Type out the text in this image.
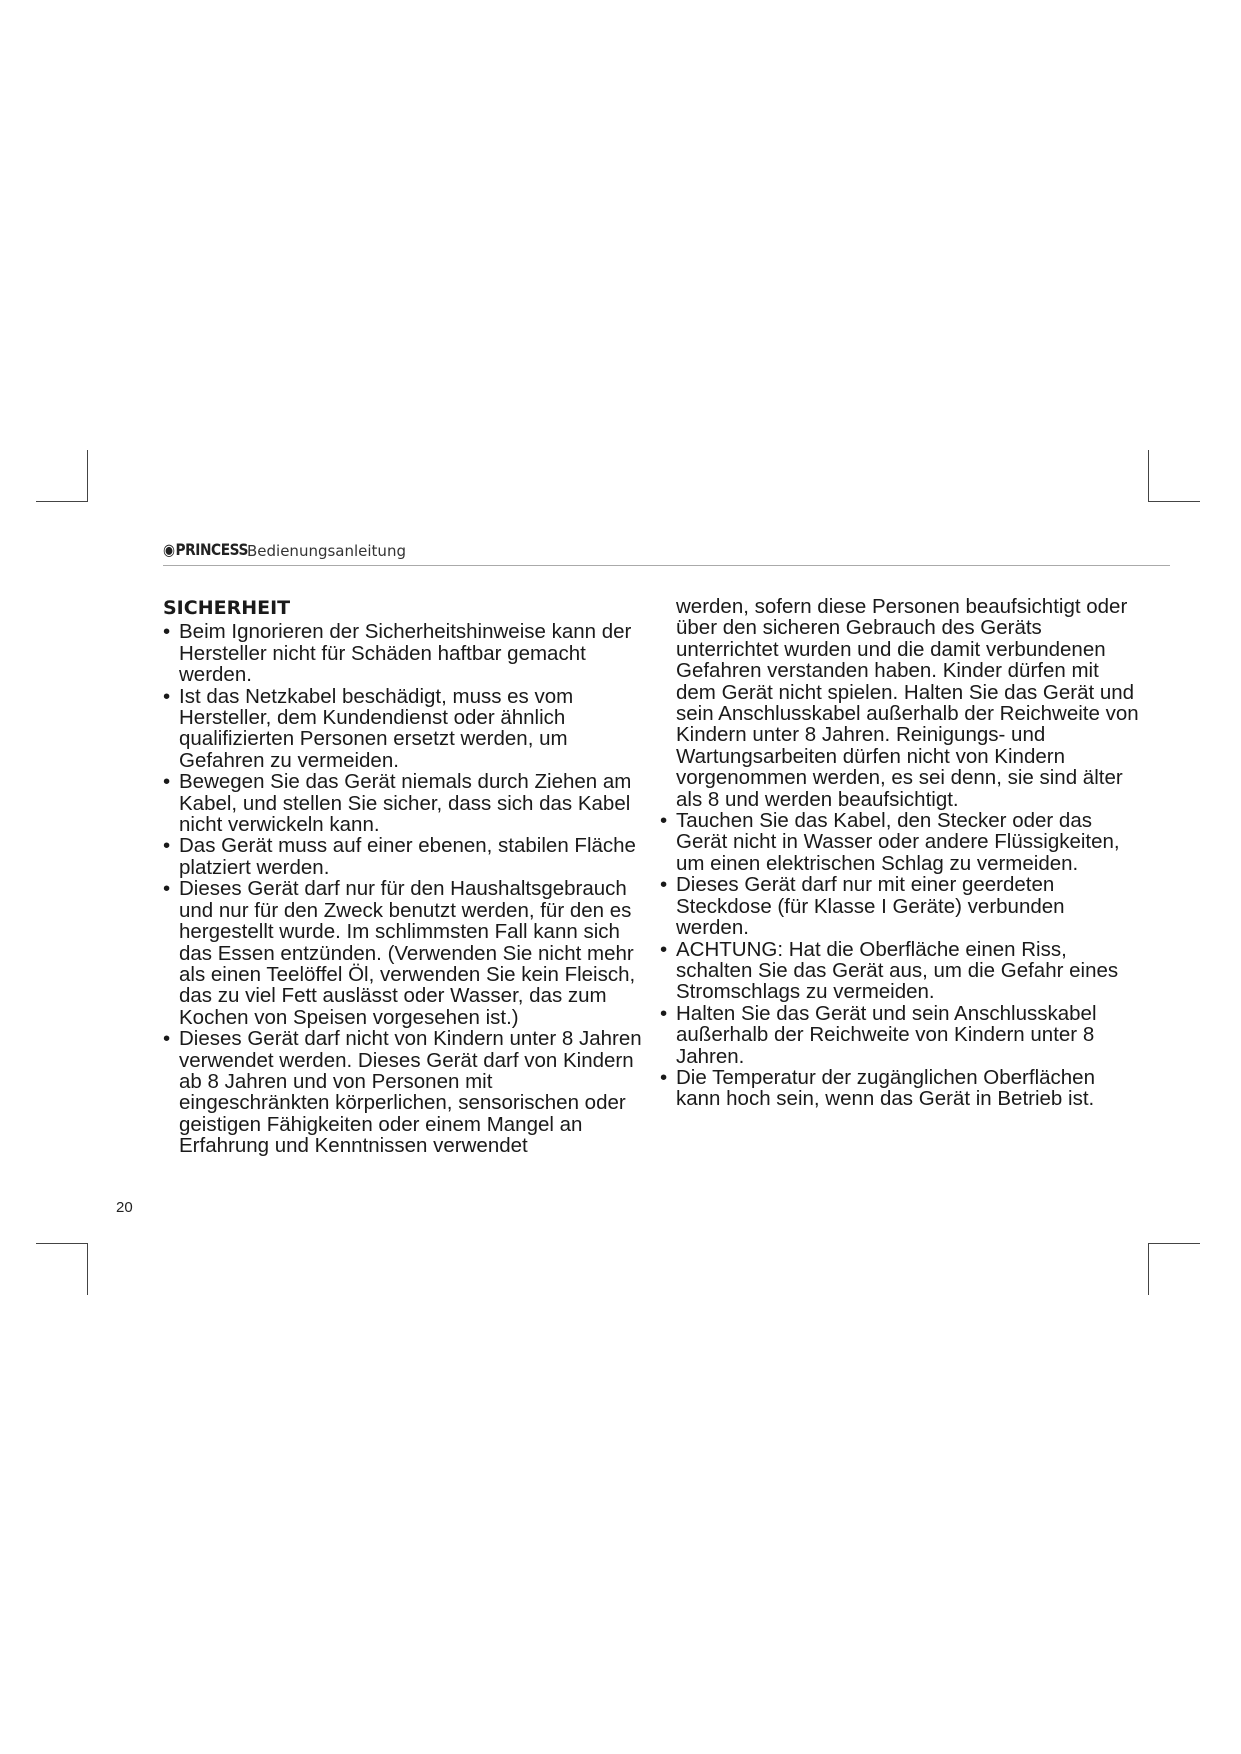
◉PRINCESS
Bedienungsanleitung
SICHERHEIT
• Beim Ignorieren der Sicherheitshinweise kann der Hersteller nicht für Schäden haftbar gemacht werden.
• Ist das Netzkabel beschädigt, muss es vom Hersteller, dem Kundendienst oder ähnlich qualifizierten Personen ersetzt werden, um Gefahren zu vermeiden.
• Bewegen Sie das Gerät niemals durch Ziehen am Kabel, und stellen Sie sicher, dass sich das Kabel nicht verwickeln kann.
• Das Gerät muss auf einer ebenen, stabilen Fläche platziert werden.
• Dieses Gerät darf nur für den Haushaltsgebrauch und nur für den Zweck benutzt werden, für den es hergestellt wurde. Im schlimmsten Fall kann sich das Essen entzünden. (Verwenden Sie nicht mehr als einen Teelöffel Öl, verwenden Sie kein Fleisch, das zu viel Fett auslässt oder Wasser, das zum Kochen von Speisen vorgesehen ist.)
• Dieses Gerät darf nicht von Kindern unter 8 Jahren verwendet werden. Dieses Gerät darf von Kindern ab 8 Jahren und von Personen mit eingeschränkten körperlichen, sensorischen oder geistigen Fähigkeiten oder einem Mangel an Erfahrung und Kenntnissen verwendet
werden, sofern diese Personen beaufsichtigt oder über den sicheren Gebrauch des Geräts unterrichtet wurden und die damit verbundenen Gefahren verstanden haben. Kinder dürfen mit dem Gerät nicht spielen. Halten Sie das Gerät und sein Anschlusskabel außerhalb der Reichweite von Kindern unter 8 Jahren. Reinigungs- und Wartungsarbeiten dürfen nicht von Kindern vorgenommen werden, es sei denn, sie sind älter als 8 und werden beaufsichtigt.
• Tauchen Sie das Kabel, den Stecker oder das Gerät nicht in Wasser oder andere Flüssigkeiten, um einen elektrischen Schlag zu vermeiden.
• Dieses Gerät darf nur mit einer geerdeten Steckdose (für Klasse I Geräte) verbunden werden.
• ACHTUNG: Hat die Oberfläche einen Riss, schalten Sie das Gerät aus, um die Gefahr eines Stromschlags zu vermeiden.
• Halten Sie das Gerät und sein Anschlusskabel außerhalb der Reichweite von Kindern unter 8 Jahren.
• Die Temperatur der zugänglichen Oberflächen kann hoch sein, wenn das Gerät in Betrieb ist.
20
